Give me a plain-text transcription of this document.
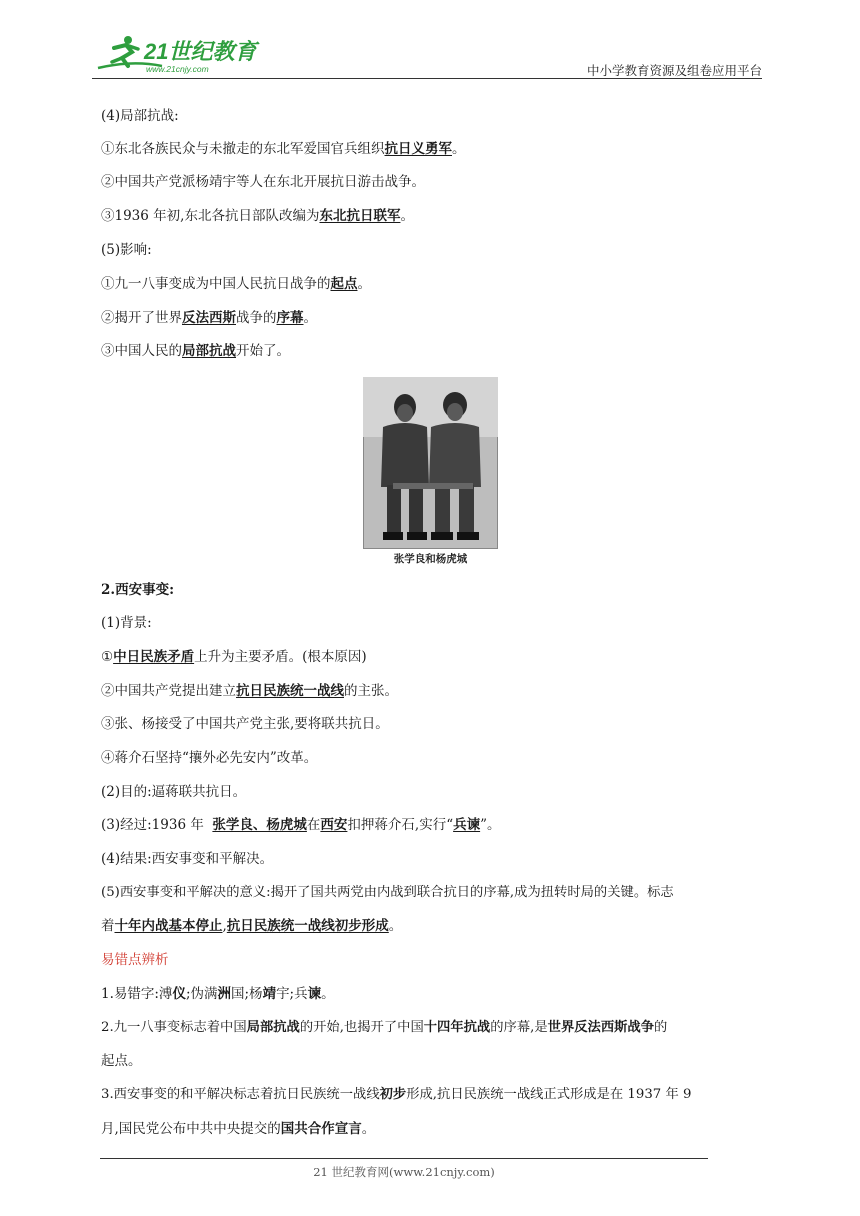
21世纪教育
www.21cnjy.com	中小学教育资源及组卷应用平台
(4)局部抗战:
①东北各族民众与未撤走的东北军爱国官兵组织抗日义勇军。
②中国共产党派杨靖宇等人在东北开展抗日游击战争。
③1936 年初,东北各抗日部队改编为东北抗日联军。
(5)影响:
①九一八事变成为中国人民抗日战争的起点。
②揭开了世界反法西斯战争的序幕。
③中国人民的局部抗战开始了。
张学良和杨虎城
2.西安事变:
(1)背景:
①中日民族矛盾上升为主要矛盾。(根本原因)
②中国共产党提出建立抗日民族统一战线的主张。
③张、杨接受了中国共产党主张,要将联共抗日。
④蒋介石坚持“攘外必先安内”改革。
(2)目的:逼蒋联共抗日。
(3)经过:1936 年  张学良、杨虎城在西安扣押蒋介石,实行“兵谏”。
(4)结果:西安事变和平解决。
(5)西安事变和平解决的意义:揭开了国共两党由内战到联合抗日的序幕,成为扭转时局的关键。标志
着十年内战基本停止,抗日民族统一战线初步形成。
易错点辨析
1.易错字:溥仪;伪满洲国;杨靖宇;兵谏。
2.九一八事变标志着中国局部抗战的开始,也揭开了中国十四年抗战的序幕,是世界反法西斯战争的
起点。
3.西安事变的和平解决标志着抗日民族统一战线初步形成,抗日民族统一战线正式形成是在 1937 年 9
月,国民党公布中共中央提交的国共合作宣言。
21 世纪教育网(www.21cnjy.com)
